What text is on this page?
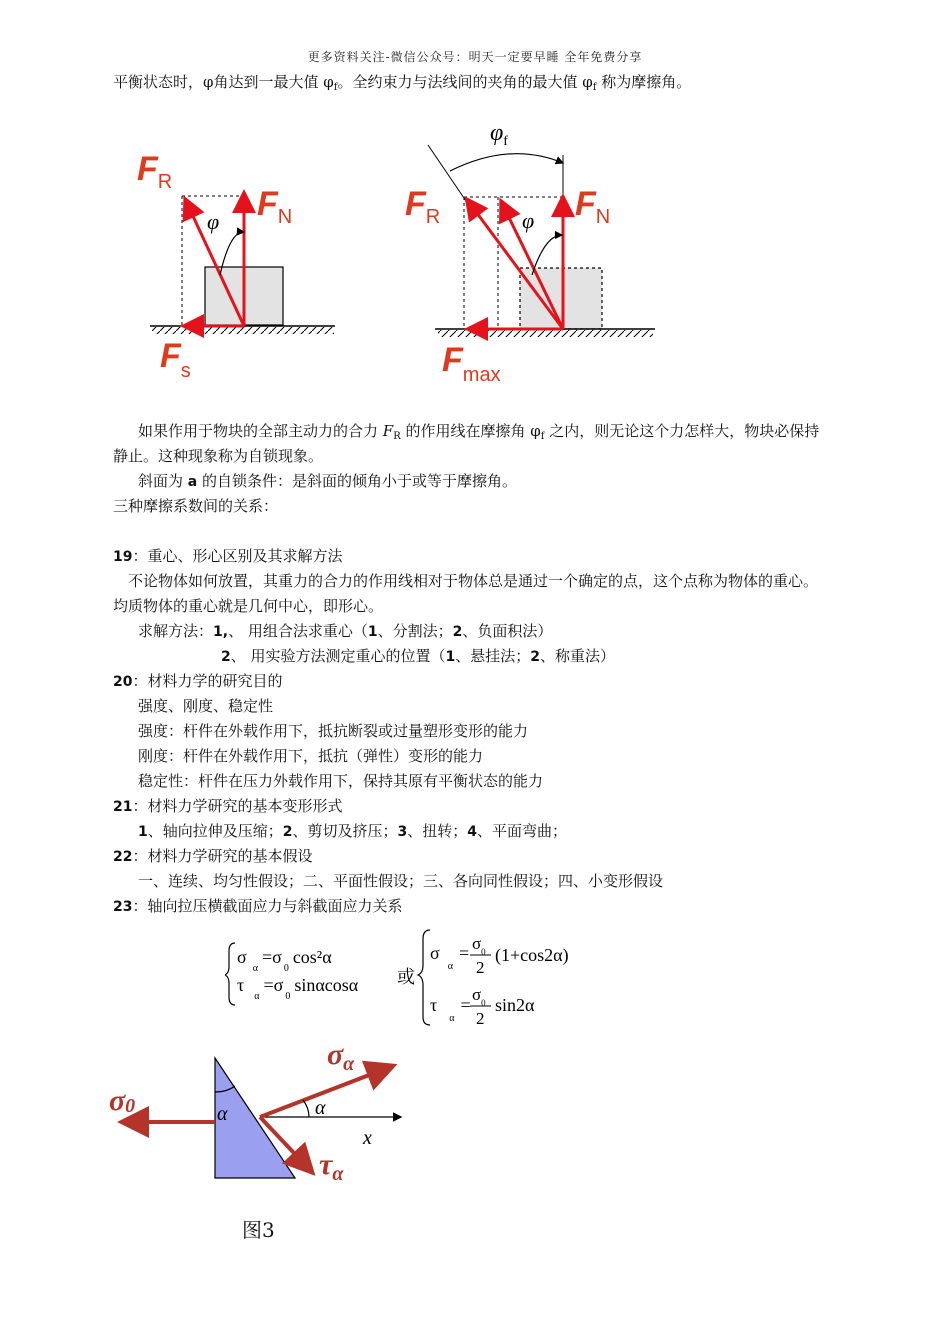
更多资料关注-微信公众号：明天一定要早睡 全年免费分享
平衡状态时，φ角达到一最大值 $\varphi_f$。全约束力与法线间的夹角的最大值 $\varphi_f$ 称为摩擦角。
φ
$F_R$
$F_N$
$F_s$
φ
$\varphi_f$
$F_R$	$F_N$
$F_{max}$
如果作用于物块的全部主动力的合力 $F_R$ 的作用线在摩擦角 $\varphi_f$ 之内，则无论这个力怎样大，物块必保持
静止。这种现象称为自锁现象。
斜面为 a 的自锁条件：是斜面的倾角小于或等于摩擦角。
三种摩擦系数间的关系：
19：重心、形心区别及其求解方法
不论物体如何放置，其重力的合力的作用线相对于物体总是通过一个确定的点，这个点称为物体的重心。
均质物体的重心就是几何中心，即形心。
求解方法：1,、 用组合法求重心（1、分割法；2、负面积法）
2、 用实验方法测定重心的位置（1、悬挂法；2、称重法）
20：材料力学的研究目的
强度、刚度、稳定性
强度：杆件在外载作用下，抵抗断裂或过量塑形变形的能力
刚度：杆件在外载作用下，抵抗（弹性）变形的能力
稳定性：杆件在压力外载作用下，保持其原有平衡状态的能力
21：材料力学研究的基本变形形式
1、轴向拉伸及压缩；2、剪切及挤压；3、扭转；4、平面弯曲；
22：材料力学研究的基本假设
一、连续、均匀性假设；二、平面性假设；三、各向同性假设；四、小变形假设
23：轴向拉压横截面应力与斜截面应力关系
$\sigma_\alpha=\sigma_0\cos^2\alpha$
$\tau_\alpha=\sigma_0\sin\alpha\cos\alpha$ 或
$\sigma_\alpha= \sigma_0$
2
(1+cos2α)
$\tau_\alpha=$
$\sigma_0$
2
sin2α
α	α
x
σ0
$\sigma_\alpha$
$\tau_\alpha$
图3
